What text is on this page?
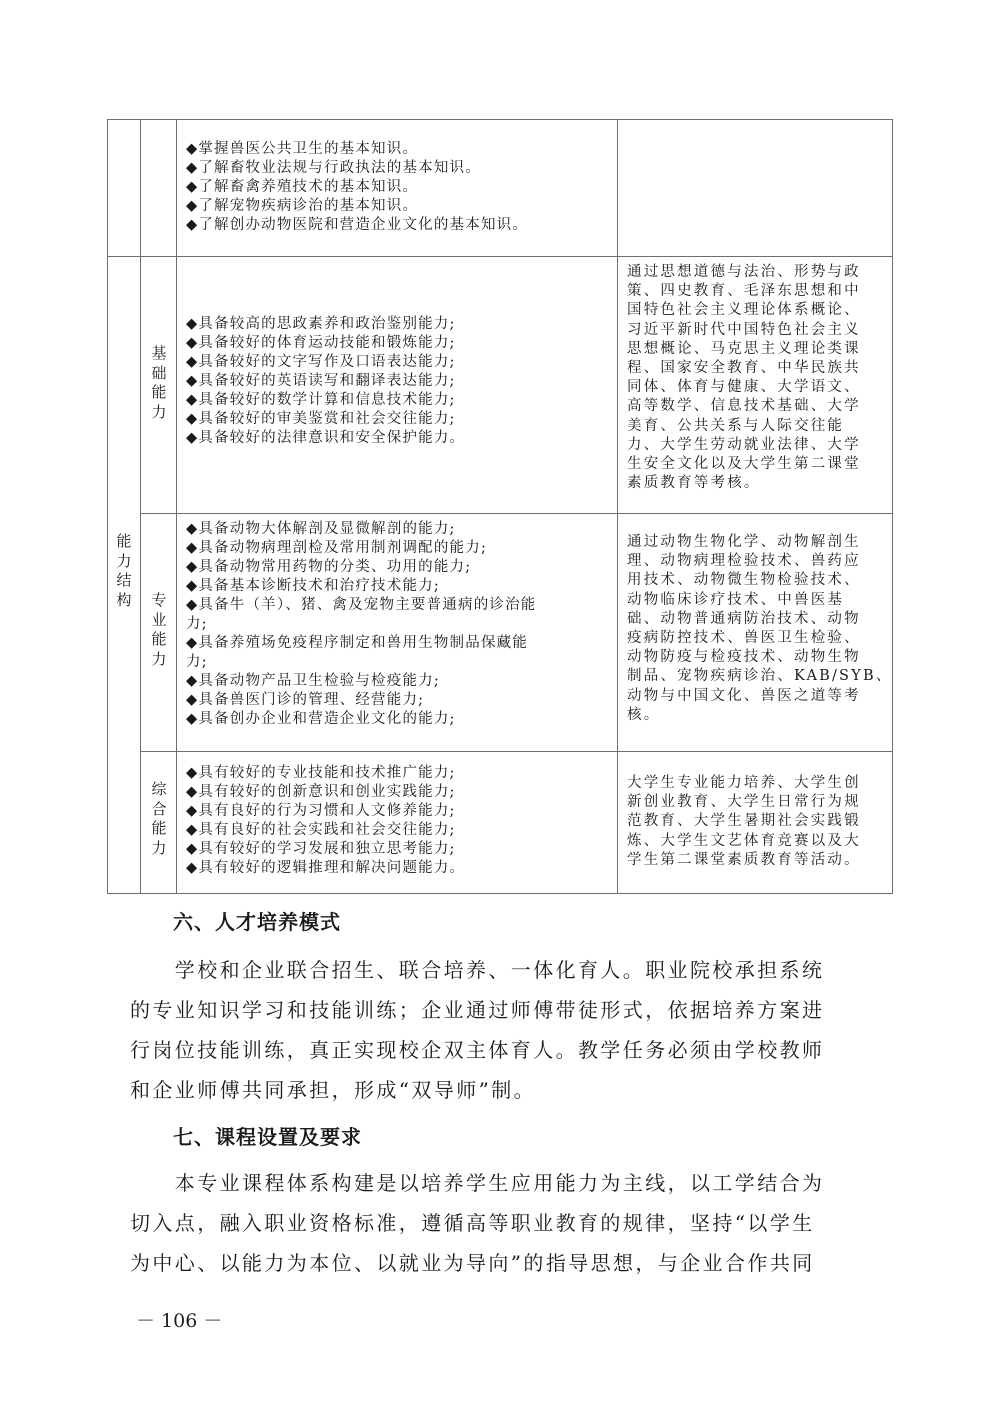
◆掌握兽医公共卫生的基本知识。
◆了解畜牧业法规与行政执法的基本知识。
◆了解畜禽养殖技术的基本知识。
◆了解宠物疾病诊治的基本知识。
◆了解创办动物医院和营造企业文化的基本知识。
能
力
结
构
基
础
能
力
◆具备较高的思政素养和政治鉴别能力;
◆具备较好的体育运动技能和锻炼能力;
◆具备较好的文字写作及口语表达能力;
◆具备较好的英语读写和翻译表达能力;
◆具备较好的数学计算和信息技术能力;
◆具备较好的审美鉴赏和社会交往能力;
◆具备较好的法律意识和安全保护能力。
通过思想道德与法治、形势与政
策、四史教育、毛泽东思想和中
国特色社会主义理论体系概论、
习近平新时代中国特色社会主义
思想概论、马克思主义理论类课
程、国家安全教育、中华民族共
同体、体育与健康、大学语文、
高等数学、信息技术基础、大学
美育、公共关系与人际交往能
力、大学生劳动就业法律、大学
生安全文化以及大学生第二课堂
素质教育等考核。
专
业
能
力
◆具备动物大体解剖及显微解剖的能力;
◆具备动物病理剖检及常用制剂调配的能力;
◆具备动物常用药物的分类、功用的能力;
◆具备基本诊断技术和治疗技术能力;
◆具备牛（羊）、猪、禽及宠物主要普通病的诊治能
力;
◆具备养殖场免疫程序制定和兽用生物制品保藏能
力;
◆具备动物产品卫生检验与检疫能力;
◆具备兽医门诊的管理、经营能力;
◆具备创办企业和营造企业文化的能力;
通过动物生物化学、动物解剖生
理、动物病理检验技术、兽药应
用技术、动物微生物检验技术、
动物临床诊疗技术、中兽医基
础、动物普通病防治技术、动物
疫病防控技术、兽医卫生检验、
动物防疫与检疫技术、动物生物
制品、宠物疾病诊治、KAB/SYB、
动物与中国文化、兽医之道等考
核。
综
合
能
力
◆具有较好的专业技能和技术推广能力;
◆具有较好的创新意识和创业实践能力;
◆具有良好的行为习惯和人文修养能力;
◆具有良好的社会实践和社会交往能力;
◆具有较好的学习发展和独立思考能力;
◆具有较好的逻辑推理和解决问题能力。
大学生专业能力培养、大学生创
新创业教育、大学生日常行为规
范教育、大学生暑期社会实践锻
炼、大学生文艺体育竞赛以及大
学生第二课堂素质教育等活动。
六、人才培养模式
　　学校和企业联合招生、联合培养、一体化育人。职业院校承担系统
的专业知识学习和技能训练；企业通过师傅带徒形式，依据培养方案进
行岗位技能训练，真正实现校企双主体育人。教学任务必须由学校教师
和企业师傅共同承担，形成“双导师”制。
七、课程设置及要求
　　本专业课程体系构建是以培养学生应用能力为主线，以工学结合为
切入点，融入职业资格标准，遵循高等职业教育的规律，坚持“以学生
为中心、以能力为本位、以就业为导向”的指导思想，与企业合作共同
－ 106 －
